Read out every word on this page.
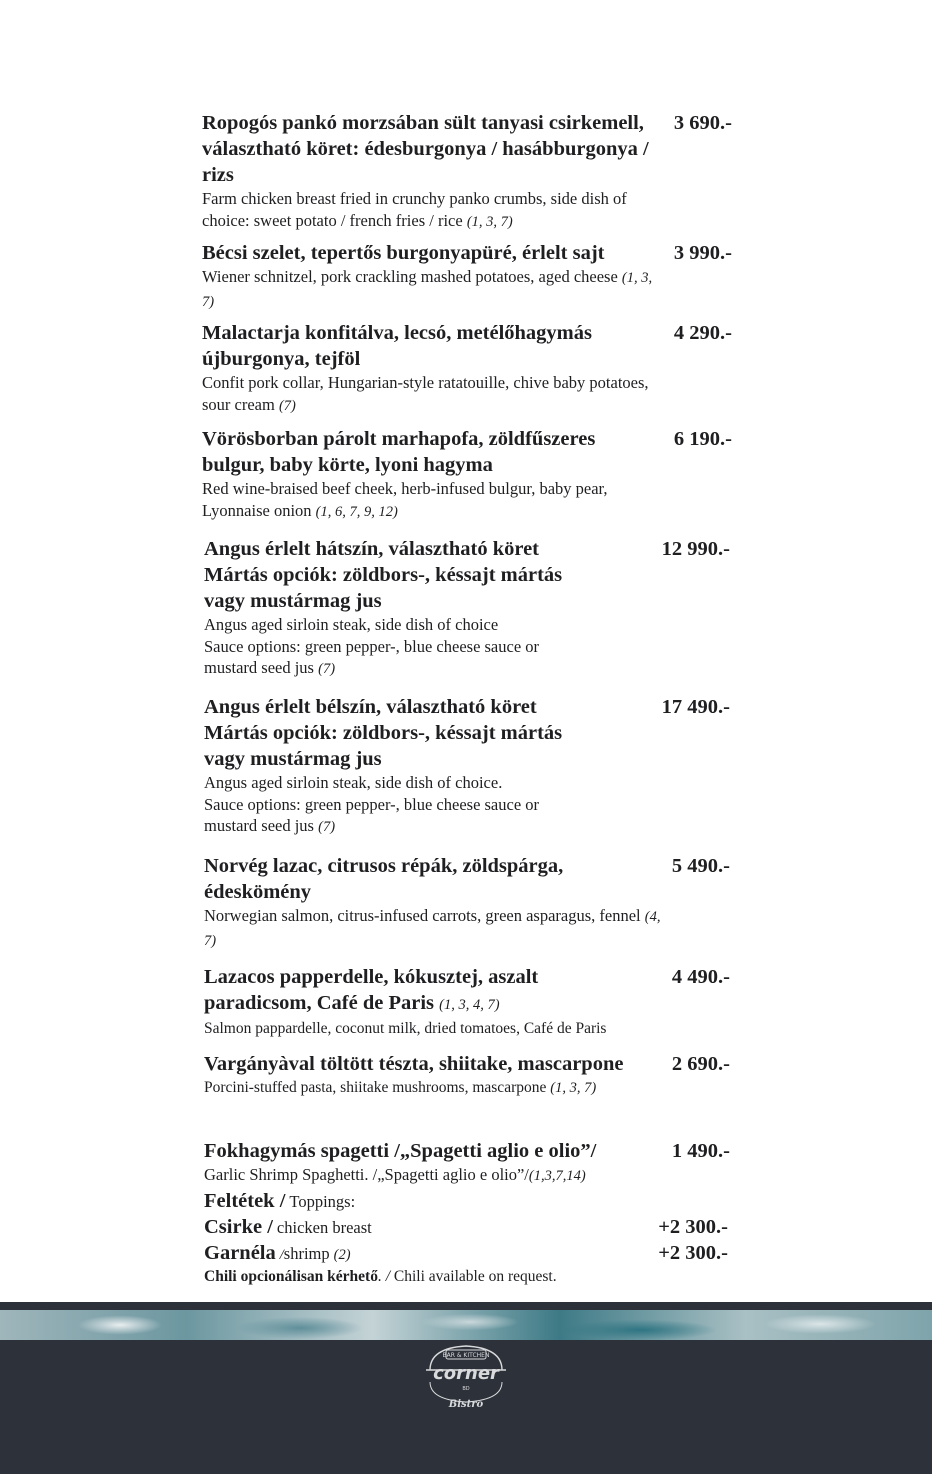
Ropogós pankó morzsában sült tanyasi csirkemell, választható köret: édesburgonya / hasábburgonya / rizs

Farm chicken breast fried in crunchy panko crumbs, side dish of choice: sweet potato / french fries / rice (1, 3, 7)

3 690.-

Bécsi szelet, tepertős burgonyapüré, érlelt sajt

Wiener schnitzel, pork crackling mashed potatoes, aged cheese (1, 3, 7)

3 990.-

Malactarja konfitálva, lecsó, metélőhagymás újburgonya, tejföl

Confit pork collar, Hungarian-style ratatouille, chive baby potatoes, sour cream (7)

4 290.-

Vörösborban párolt marhapofa, zöldfűszeres bulgur, baby körte, lyoni hagyma

Red wine-braised beef cheek, herb-infused bulgur, baby pear, Lyonnaise onion (1, 6, 7, 9, 12)

6 190.-

Angus érlelt hátszín, választható köret
Mártás opciók: zöldbors-, késsajt mártás
vagy mustármag jus

Angus aged sirloin steak, side dish of choice
Sauce options: green pepper-, blue cheese sauce or
mustard seed jus (7)

12 990.-

Angus érlelt bélszín, választható köret
Mártás opciók: zöldbors-, késsajt mártás
vagy mustármag jus

Angus aged sirloin steak, side dish of choice.
Sauce options: green pepper-, blue cheese sauce or
mustard seed jus (7)

17 490.-

Norvég lazac, citrusos répák, zöldspárga, édeskömény

Norwegian salmon, citrus-infused carrots, green asparagus, fennel (4, 7)

5 490.-

Lazacos papperdelle, kókusztej, aszalt
paradicsom, Café de Paris (1, 3, 4, 7)

Salmon pappardelle, coconut milk, dried tomatoes, Café de Paris

4 490.-

Vargányàval töltött tészta, shiitake, mascarpone

Porcini-stuffed pasta, shiitake mushrooms, mascarpone (1, 3, 7)

2 690.-

Fokhagymás spagetti /„Spagetti aglio e olio”/

Garlic Shrimp Spaghetti. /„Spagetti aglio e olio”/(1,3,7,14)

1 490.-
Feltétek / Toppings:
Csirke / chicken breast	+2 300.-
Garnéla /shrimp (2)	+2 300.-
Chili opcionálisan kérhető. / Chili available on request.
BAR & KITCHEN
corner
BD
Bistro
